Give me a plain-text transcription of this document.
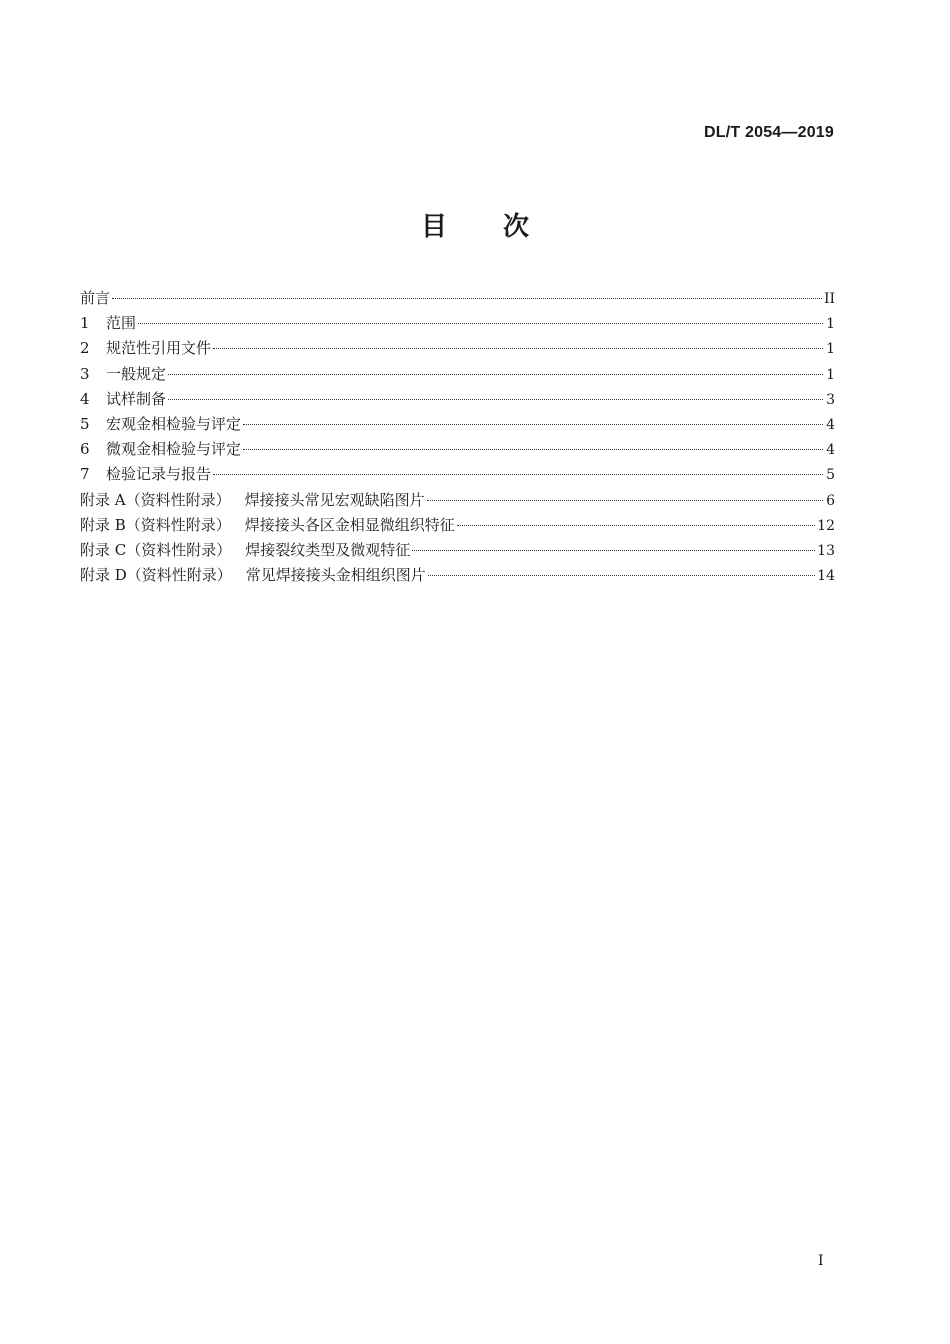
DL/T 2054—2019
目 次
前言	II
1 范围	1
2 规范性引用文件	1
3 一般规定	1
4 试样制备	3
5 宏观金相检验与评定	4
6 微观金相检验与评定	4
7 检验记录与报告	5
附录 A（资料性附录） 焊接接头常见宏观缺陷图片	6
附录 B（资料性附录） 焊接接头各区金相显微组织特征	12
附录 C（资料性附录） 焊接裂纹类型及微观特征	13
附录 D（资料性附录） 常见焊接接头金相组织图片	14
I
